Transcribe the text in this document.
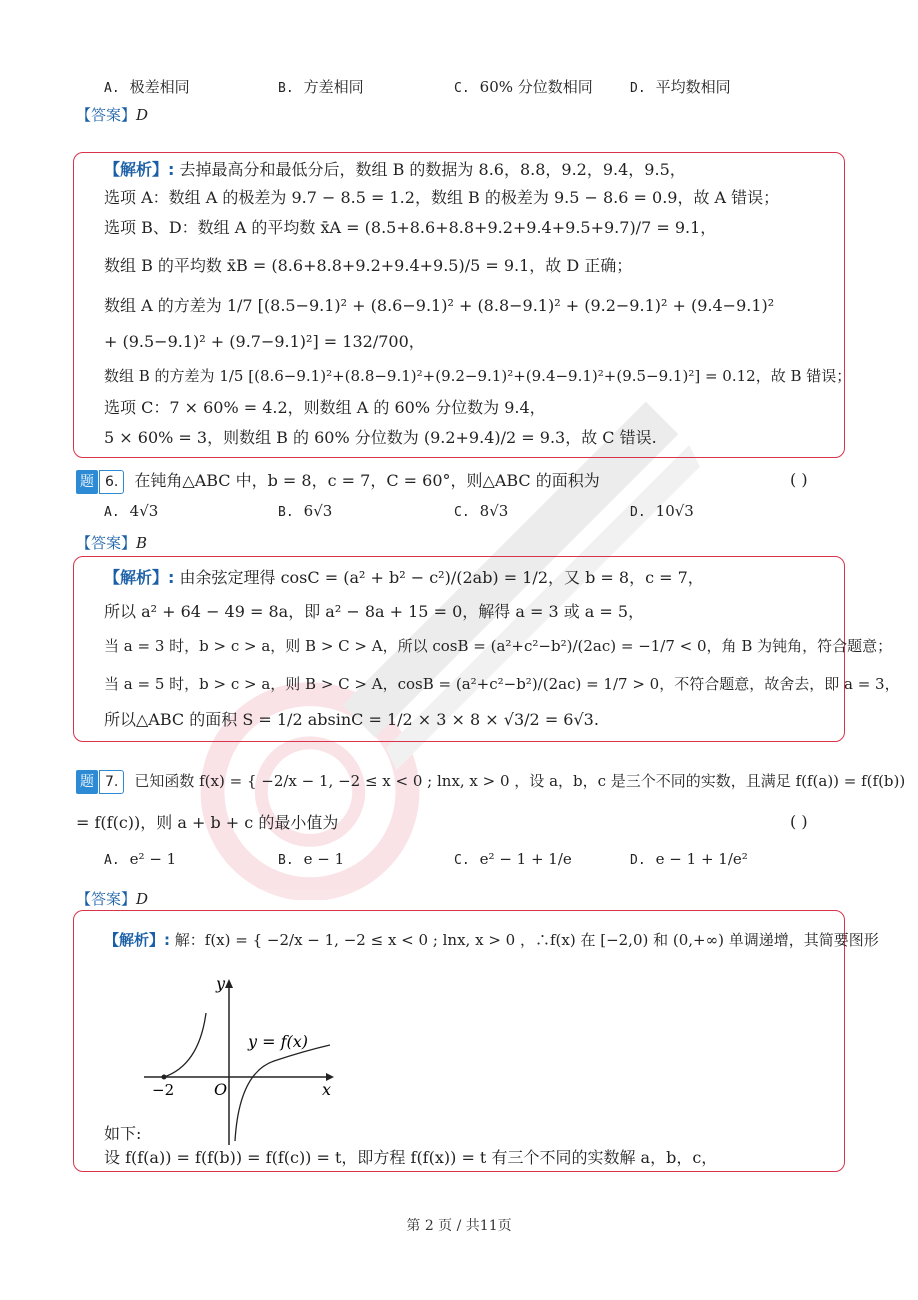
A. 极差相同	B. 方差相同	C. 60% 分位数相同	D. 平均数相同
【答案】D
【解析】: 去掉最高分和最低分后，数组 B 的数据为 8.6，8.8，9.2，9.4，9.5，
选项 A：数组 A 的极差为 9.7 − 8.5 = 1.2，数组 B 的极差为 9.5 − 8.6 = 0.9，故 A 错误；
选项 B、D：数组 A 的平均数 x̄A = (8.5+8.6+8.8+9.2+9.4+9.5+9.7)/7 = 9.1，
数组 B 的平均数 x̄B = (8.6+8.8+9.2+9.4+9.5)/5 = 9.1，故 D 正确；
数组 A 的方差为 1/7 [(8.5−9.1)² + (8.6−9.1)² + (8.8−9.1)² + (9.2−9.1)² + (9.4−9.1)²
+ (9.5−9.1)² + (9.7−9.1)²] = 132/700，
数组 B 的方差为 1/5 [(8.6−9.1)²+(8.8−9.1)²+(9.2−9.1)²+(9.4−9.1)²+(9.5−9.1)²] = 0.12，故 B 错误；
选项 C：7 × 60% = 4.2，则数组 A 的 60% 分位数为 9.4，
5 × 60% = 3，则数组 B 的 60% 分位数为 (9.2+9.4)/2 = 9.3，故 C 错误.
题 6. 在钝角△ABC 中，b = 8，c = 7，C = 60°，则△ABC 的面积为	( )
A. 4√3	B. 6√3	C. 8√3	D. 10√3
【答案】B
【解析】: 由余弦定理得 cosC = (a² + b² − c²)/(2ab) = 1/2，又 b = 8，c = 7，
所以 a² + 64 − 49 = 8a，即 a² − 8a + 15 = 0，解得 a = 3 或 a = 5，
当 a = 3 时，b > c > a，则 B > C > A，所以 cosB = (a²+c²−b²)/(2ac) = −1/7 < 0，角 B 为钝角，符合题意；
当 a = 5 时，b > c > a，则 B > C > A，cosB = (a²+c²−b²)/(2ac) = 1/7 > 0，不符合题意，故舍去，即 a = 3，
所以△ABC 的面积 S = 1/2 absinC = 1/2 × 3 × 8 × √3/2 = 6√3.
题 7. 已知函数 f(x) = { −2/x − 1, −2 ≤ x < 0 ; lnx, x > 0 ，设 a，b，c 是三个不同的实数，且满足 f(f(a)) = f(f(b))
= f(f(c))，则 a + b + c 的最小值为	( )
A. e² − 1	B. e − 1	C. e² − 1 + 1/e	D. e − 1 + 1/e²
【答案】D
【解析】: 解：f(x) = { −2/x − 1, −2 ≤ x < 0 ; lnx, x > 0 ，∴f(x) 在 [−2,0) 和 (0,+∞) 单调递增，其简要图形
y
x
O
−2
y = f(x)
如下:
设 f(f(a)) = f(f(b)) = f(f(c)) = t，即方程 f(f(x)) = t 有三个不同的实数解 a，b，c，
第 2 页 / 共11页
